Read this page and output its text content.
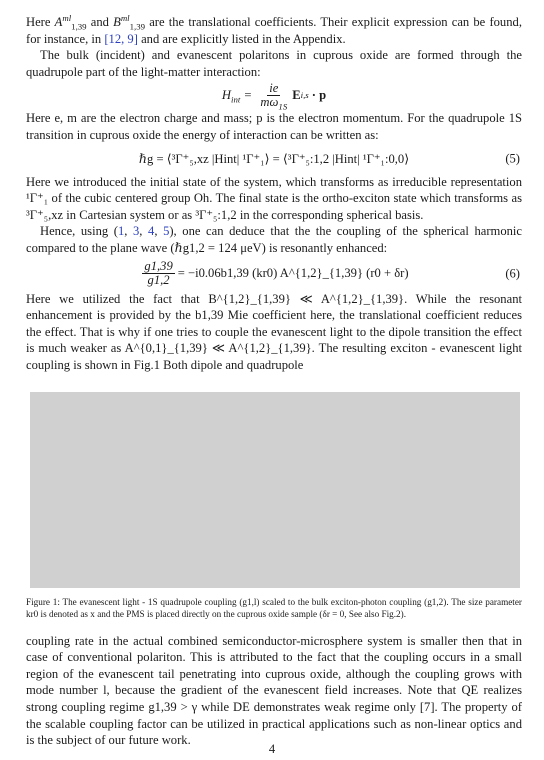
Here $A^{ml}_{1,39}$ and $B^{ml}_{1,39}$ are the translational coefficients. Their explicit expression can be found, for instance, in [12, 9] and are explicitly listed in the Appendix.

The bulk (incident) and evanescent polaritons in cuprous oxide are formed through the quadrupole part of the light-matter interaction:

$H_{int} = \frac{ie}{m\omega_{1S}}$ E i,s · p

Here e, m are the electron charge and mass; p is the electron momentum. For the quadrupole 1S transition in cuprous oxide the energy of interaction can be written as:

ℏg = ⟨³Γ⁺₅,xz |Hint| ¹Γ⁺₁⟩ = ⟨³Γ⁺₅:1,2 |Hint| ¹Γ⁺₁:0,0⟩	(5)

Here we introduced the initial state of the system, which transforms as irreducible representation ¹Γ⁺₁ of the cubic centered group Oh. The final state is the ortho-exciton state which transforms as ³Γ⁺₅,xz in Cartesian system or as ³Γ⁺₅:1,2 in the corresponding spherical basis.

Hence, using (1, 3, 4, 5), one can deduce that the the coupling of the spherical harmonic compared to the plane wave (ℏg1,2 = 124 μeV) is resonantly enhanced:

$\frac{g1,39}{g1,2} = -i0.06b1,39$ (kr0) A^{1,2}_{1,39} (r0 + δr)	(6)

Here we utilized the fact that B^{1,2}_{1,39} ≪ A^{1,2}_{1,39}. While the resonant enhancement is provided by the b1,39 Mie coefficient here, the translational coefficient reduces the effect. That is why if one tries to couple the evanescent light to the dipole transition the effect is much weaker as A^{0,1}_{1,39} ≪ A^{1,2}_{1,39}. The resulting exciton - evanescent light coupling is shown in Fig.1 Both dipole and quadrupole

Figure 1: The evanescent light - 1S quadrupole coupling (g1,l) scaled to the bulk exciton-photon coupling (g1,2). The size parameter kr0 is denoted as x and the PMS is placed directly on the cuprous oxide sample (δr = 0, See also Fig.2).

coupling rate in the actual combined semiconductor-microsphere system is smaller then that in case of conventional polariton. This is attributed to the fact that the coupling occurs in a small region of the evanescent tail penetrating into cuprous oxide, although the coupling grows with mode number l, because the gradient of the evanescent field increases. Note that QE realizes strong coupling regime g1,39 > γ while DE demonstrates weak regime only [7]. The property of the scalable coupling factor can be utilized in practical applications such as non-linear optics and is the subject of our future work.

4
